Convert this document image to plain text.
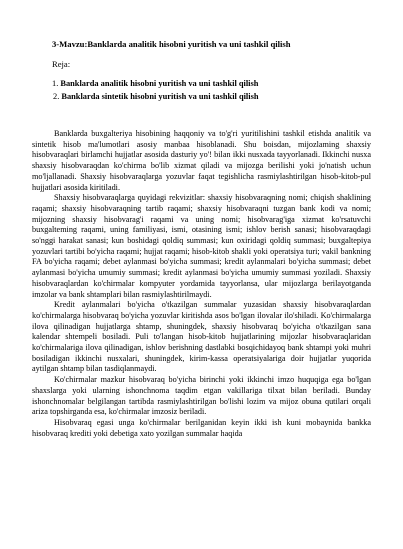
3-Mavzu:Banklarda analitik hisobni yuritish va uni tashkil qilish
Reja:
1. Banklarda analitik hisobni yuritish va uni tashkil qilish
2. Banklarda sintetik hisobni yuritish va uni tashkil qilish

Banklarda buxgalteriya hisobining haqqoniy va to'g'ri yuritilishini tashkil etishda analitik va sintetik hisob ma'lumotlari asosiy manbaa hisoblanadi. Shu boisdan, mijozlaming shaxsiy hisobvaraqlari birlamchi hujjatlar asosida dasturiy yo'! bilan ikki nusxada tayyorlanadi. Ikkinchi nusxa shaxsiy hisobvaraqdan ko'chirma bo'lib xizmat qiladi va mijozga berilishi yoki jo'natish uchun mo'ljallanadi. Shaxsiy hisobvaraqlarga yozuvlar faqat tegishlicha rasmiylashtirilgan hisob-kitob-pul hujjatlari asosida kiritiladi.

Shaxsiy hisobvaraqlarga quyidagi rekvizitlar: shaxsiy hisobvaraqning nomi; chiqish shaklining raqami; shaxsiy hisobvaraqning tartib raqami; shaxsiy hisobvaraqni tuzgan bank kodi va nomi; mijozning shaxsiy hisobvarag'i raqami va uning nomi; hisobvarag'iga xizmat ko'rsatuvchi buxgalteming raqami, uning familiyasi, ismi, otasining ismi; ishlov berish sanasi; hisobvaraqdagi so'nggi harakat sanasi; kun boshidagi qoldiq summasi; kun oxiridagi qoldiq summasi; buxgaltepiya yozuvlari tartibi bo'yicha raqami; hujjat raqami; hisob-kitob shakli yoki operatsiya turi; vakil bankning FA bo'yicha raqami; debet aylanmasi bo'yicha summasi; kredit aylanmalari bo'yicha summasi; debet aylanmasi bo'yicha umumiy summasi; kredit aylanmasi bo'yicha umumiy summasi yoziladi. Shaxsiy hisobvaraqlardan ko'chirmalar kompyuter yordamida tayyorlansa, ular mijozlarga berilayotganda imzolar va bank shtamplari bilan rasmiylashtirilmaydi.

Kredit aylanmalari bo'yicha o'tkazilgan summalar yuzasidan shaxsiy hisobvaraqlardan ko'chirmalarga hisobvaraq bo'yicha yozuvlar kiritishda asos bo'lgan ilovalar ilo'shiladi. Ko'chirmalarga ilova qilinadigan hujjatlarga shtamp, shuningdek, shaxsiy hisobvaraq bo'yicha o'tkazilgan sana kalendar shtempeli bosiladi. Puli to'langan hisob-kitob hujjatlarining mijozlar hisobvaraqlaridan ko'chirmalariga ilova qilinadigan, ishlov berishning dastlabki bosqichidayoq bank shtampi yoki muhri bosiladigan ikkinchi nusxalari, shuningdek, kirim-kassa operatsiyalariga doir hujjatlar yuqorida aytilgan shtamp bilan tasdiqlanmaydi.

Ko'chirmalar mazkur hisobvaraq bo'yicha birinchi yoki ikkinchi imzo huquqiga ega bo'lgan shaxslarga yoki ularning ishonchnoma taqdim etgan vakillariga tilxat bilan beriladi. Bunday ishonchnomalar belgilangan tartibda rasmiylashtirilgan bo'lishi lozim va mijoz obuna qutilari orqali ariza topshirganda esa, ko'chirmalar imzosiz beriladi.

Hisobvaraq egasi unga ko'chirmalar berilganidan keyin ikki ish kuni mobaynida bankka hisobvaraq krediti yoki debetiga xato yozilgan summalar haqida
